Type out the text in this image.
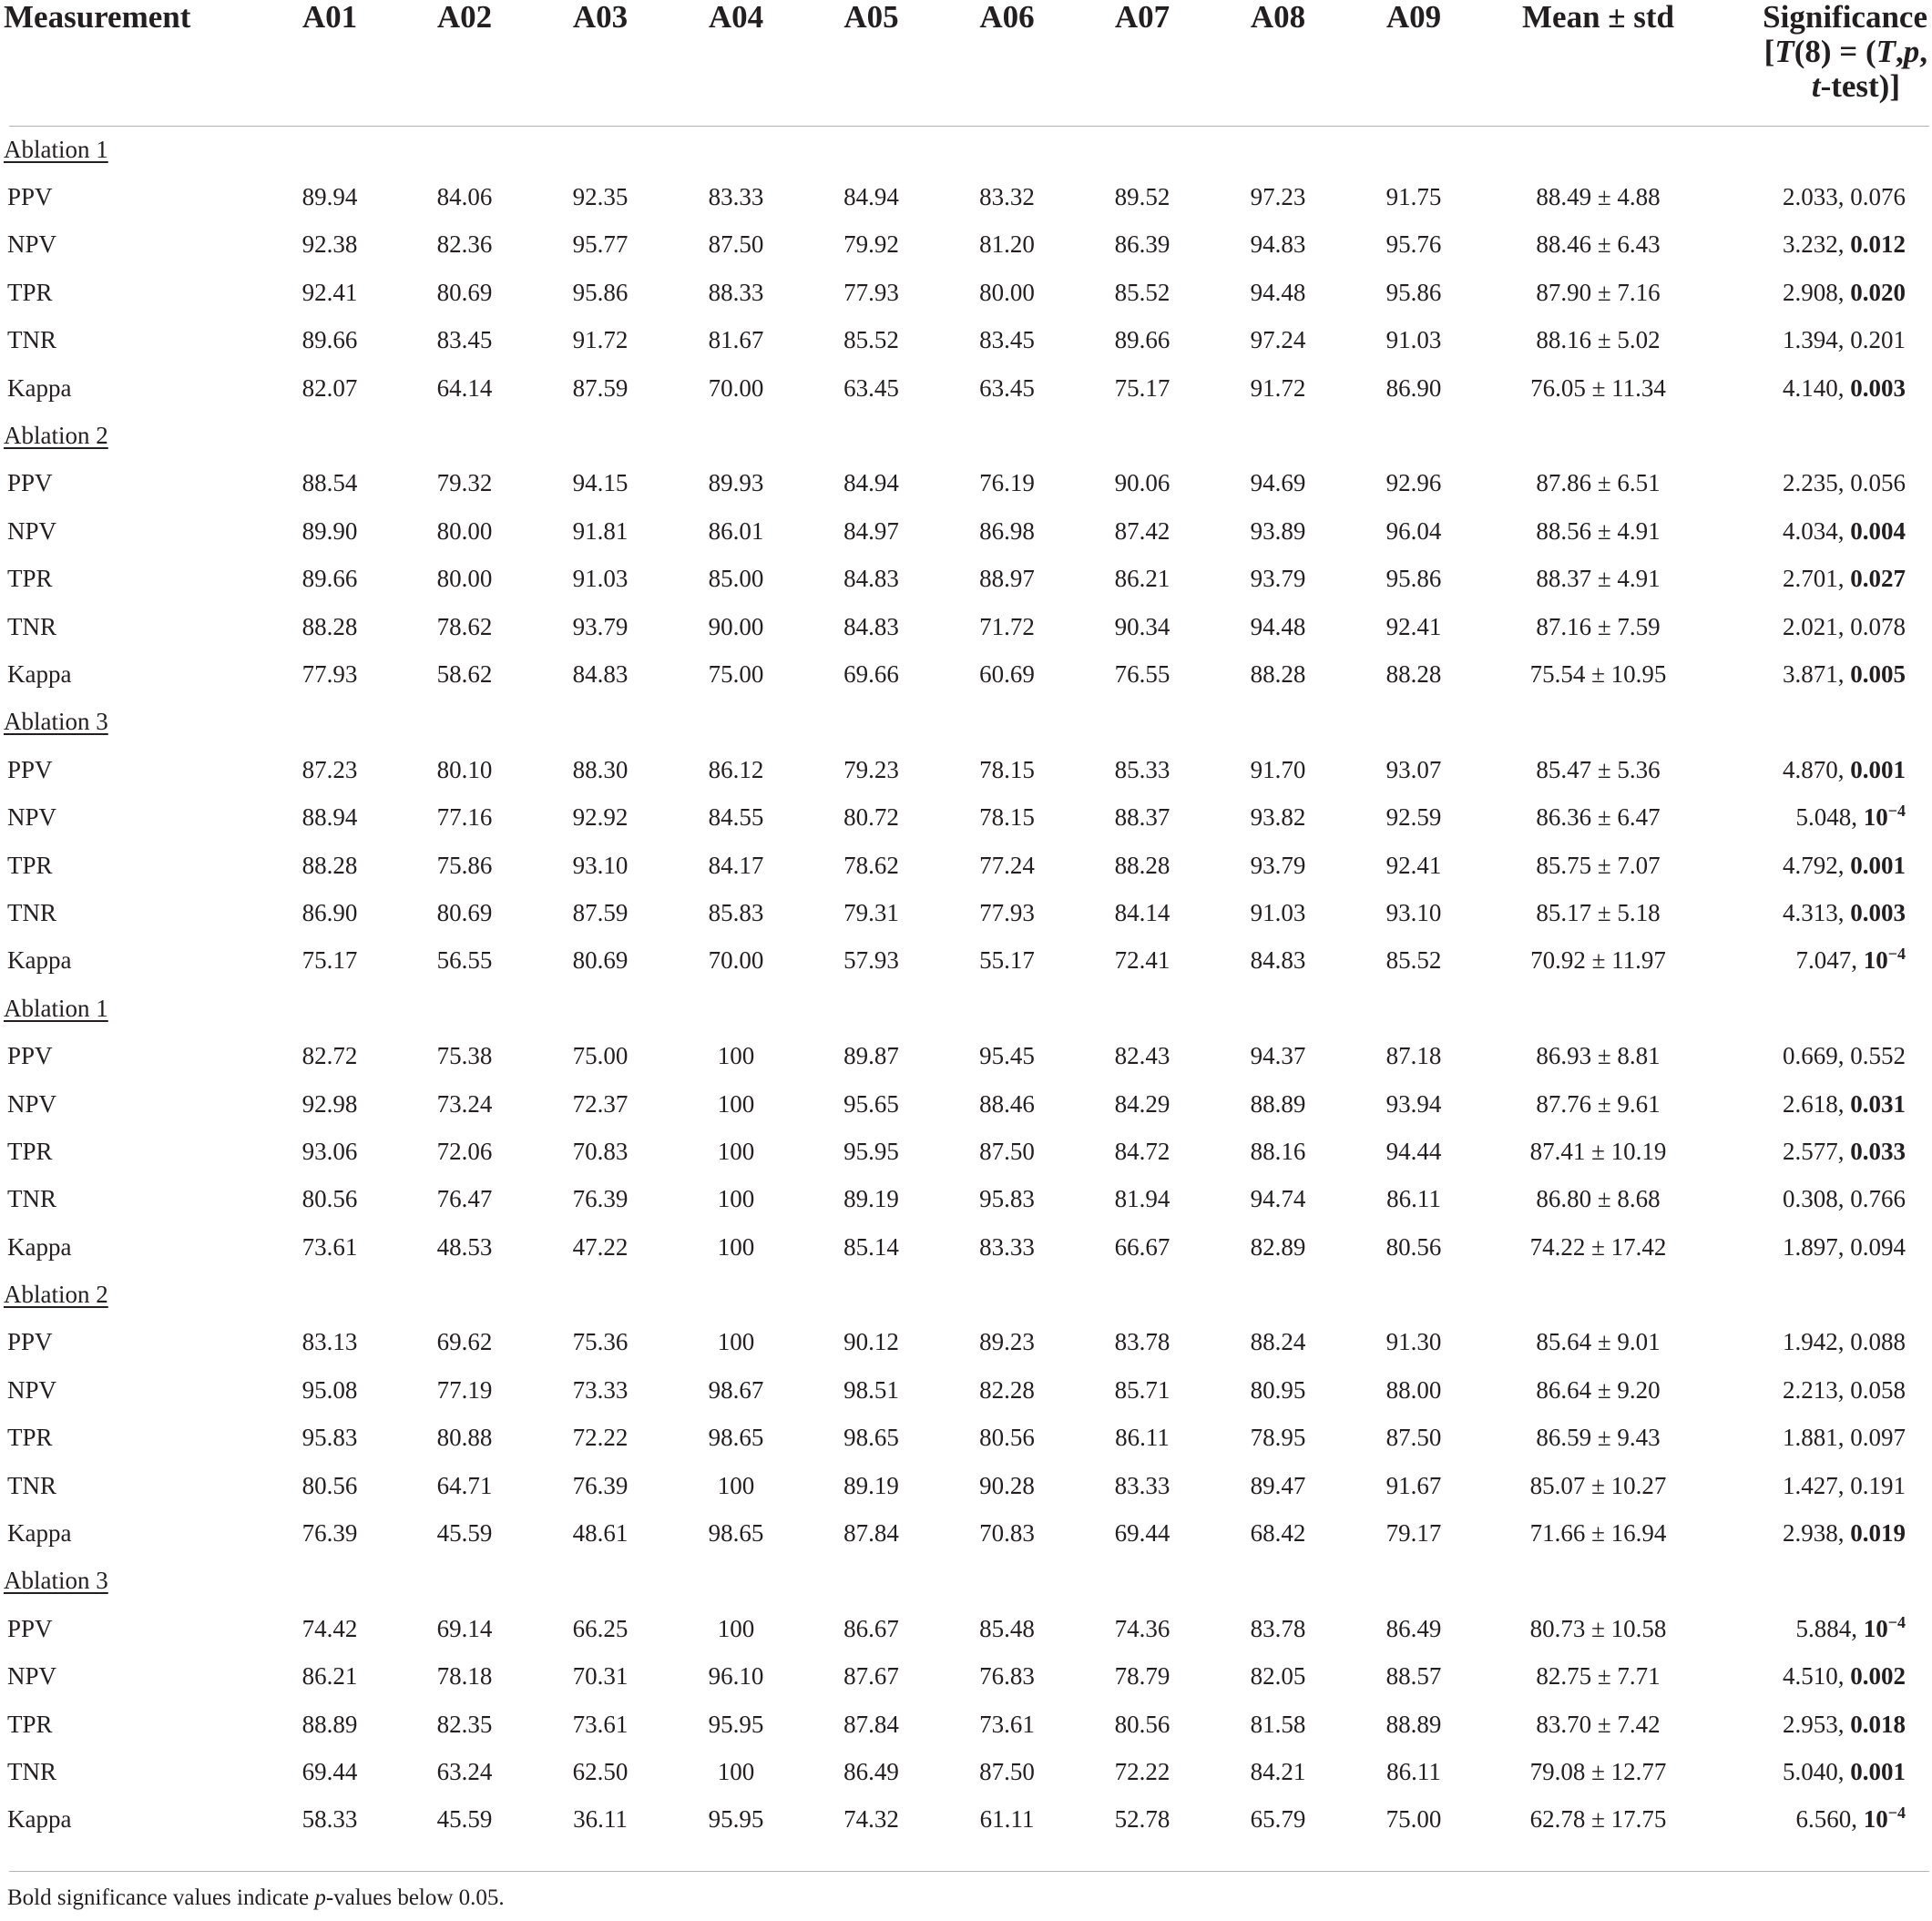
Measurement	A01	A02	A03	A04	A05	A06	A07	A08	A09	Mean ± std	Significance
[T(8) = (T,p,
t-test)]

Ablation 1											
PPV	89.94	84.06	92.35	83.33	84.94	83.32	89.52	97.23	91.75	88.49 ± 4.88	2.033, 0.076
NPV	92.38	82.36	95.77	87.50	79.92	81.20	86.39	94.83	95.76	88.46 ± 6.43	3.232, 0.012
TPR	92.41	80.69	95.86	88.33	77.93	80.00	85.52	94.48	95.86	87.90 ± 7.16	2.908, 0.020
TNR	89.66	83.45	91.72	81.67	85.52	83.45	89.66	97.24	91.03	88.16 ± 5.02	1.394, 0.201
Kappa	82.07	64.14	87.59	70.00	63.45	63.45	75.17	91.72	86.90	76.05 ± 11.34	4.140, 0.003
Ablation 2											
PPV	88.54	79.32	94.15	89.93	84.94	76.19	90.06	94.69	92.96	87.86 ± 6.51	2.235, 0.056
NPV	89.90	80.00	91.81	86.01	84.97	86.98	87.42	93.89	96.04	88.56 ± 4.91	4.034, 0.004
TPR	89.66	80.00	91.03	85.00	84.83	88.97	86.21	93.79	95.86	88.37 ± 4.91	2.701, 0.027
TNR	88.28	78.62	93.79	90.00	84.83	71.72	90.34	94.48	92.41	87.16 ± 7.59	2.021, 0.078
Kappa	77.93	58.62	84.83	75.00	69.66	60.69	76.55	88.28	88.28	75.54 ± 10.95	3.871, 0.005
Ablation 3											
PPV	87.23	80.10	88.30	86.12	79.23	78.15	85.33	91.70	93.07	85.47 ± 5.36	4.870, 0.001
NPV	88.94	77.16	92.92	84.55	80.72	78.15	88.37	93.82	92.59	86.36 ± 6.47	5.048, $10^{-4}$
TPR	88.28	75.86	93.10	84.17	78.62	77.24	88.28	93.79	92.41	85.75 ± 7.07	4.792, 0.001
TNR	86.90	80.69	87.59	85.83	79.31	77.93	84.14	91.03	93.10	85.17 ± 5.18	4.313, 0.003
Kappa	75.17	56.55	80.69	70.00	57.93	55.17	72.41	84.83	85.52	70.92 ± 11.97	7.047, $10^{-4}$
Ablation 1											
PPV	82.72	75.38	75.00	100	89.87	95.45	82.43	94.37	87.18	86.93 ± 8.81	0.669, 0.552
NPV	92.98	73.24	72.37	100	95.65	88.46	84.29	88.89	93.94	87.76 ± 9.61	2.618, 0.031
TPR	93.06	72.06	70.83	100	95.95	87.50	84.72	88.16	94.44	87.41 ± 10.19	2.577, 0.033
TNR	80.56	76.47	76.39	100	89.19	95.83	81.94	94.74	86.11	86.80 ± 8.68	0.308, 0.766
Kappa	73.61	48.53	47.22	100	85.14	83.33	66.67	82.89	80.56	74.22 ± 17.42	1.897, 0.094
Ablation 2											
PPV	83.13	69.62	75.36	100	90.12	89.23	83.78	88.24	91.30	85.64 ± 9.01	1.942, 0.088
NPV	95.08	77.19	73.33	98.67	98.51	82.28	85.71	80.95	88.00	86.64 ± 9.20	2.213, 0.058
TPR	95.83	80.88	72.22	98.65	98.65	80.56	86.11	78.95	87.50	86.59 ± 9.43	1.881, 0.097
TNR	80.56	64.71	76.39	100	89.19	90.28	83.33	89.47	91.67	85.07 ± 10.27	1.427, 0.191
Kappa	76.39	45.59	48.61	98.65	87.84	70.83	69.44	68.42	79.17	71.66 ± 16.94	2.938, 0.019
Ablation 3											
PPV	74.42	69.14	66.25	100	86.67	85.48	74.36	83.78	86.49	80.73 ± 10.58	5.884, $10^{-4}$
NPV	86.21	78.18	70.31	96.10	87.67	76.83	78.79	82.05	88.57	82.75 ± 7.71	4.510, 0.002
TPR	88.89	82.35	73.61	95.95	87.84	73.61	80.56	81.58	88.89	83.70 ± 7.42	2.953, 0.018
TNR	69.44	63.24	62.50	100	86.49	87.50	72.22	84.21	86.11	79.08 ± 12.77	5.040, 0.001
Kappa	58.33	45.59	36.11	95.95	74.32	61.11	52.78	65.79	75.00	62.78 ± 17.75	6.560, $10^{-4}$
Bold significance values indicate p-values below 0.05.
